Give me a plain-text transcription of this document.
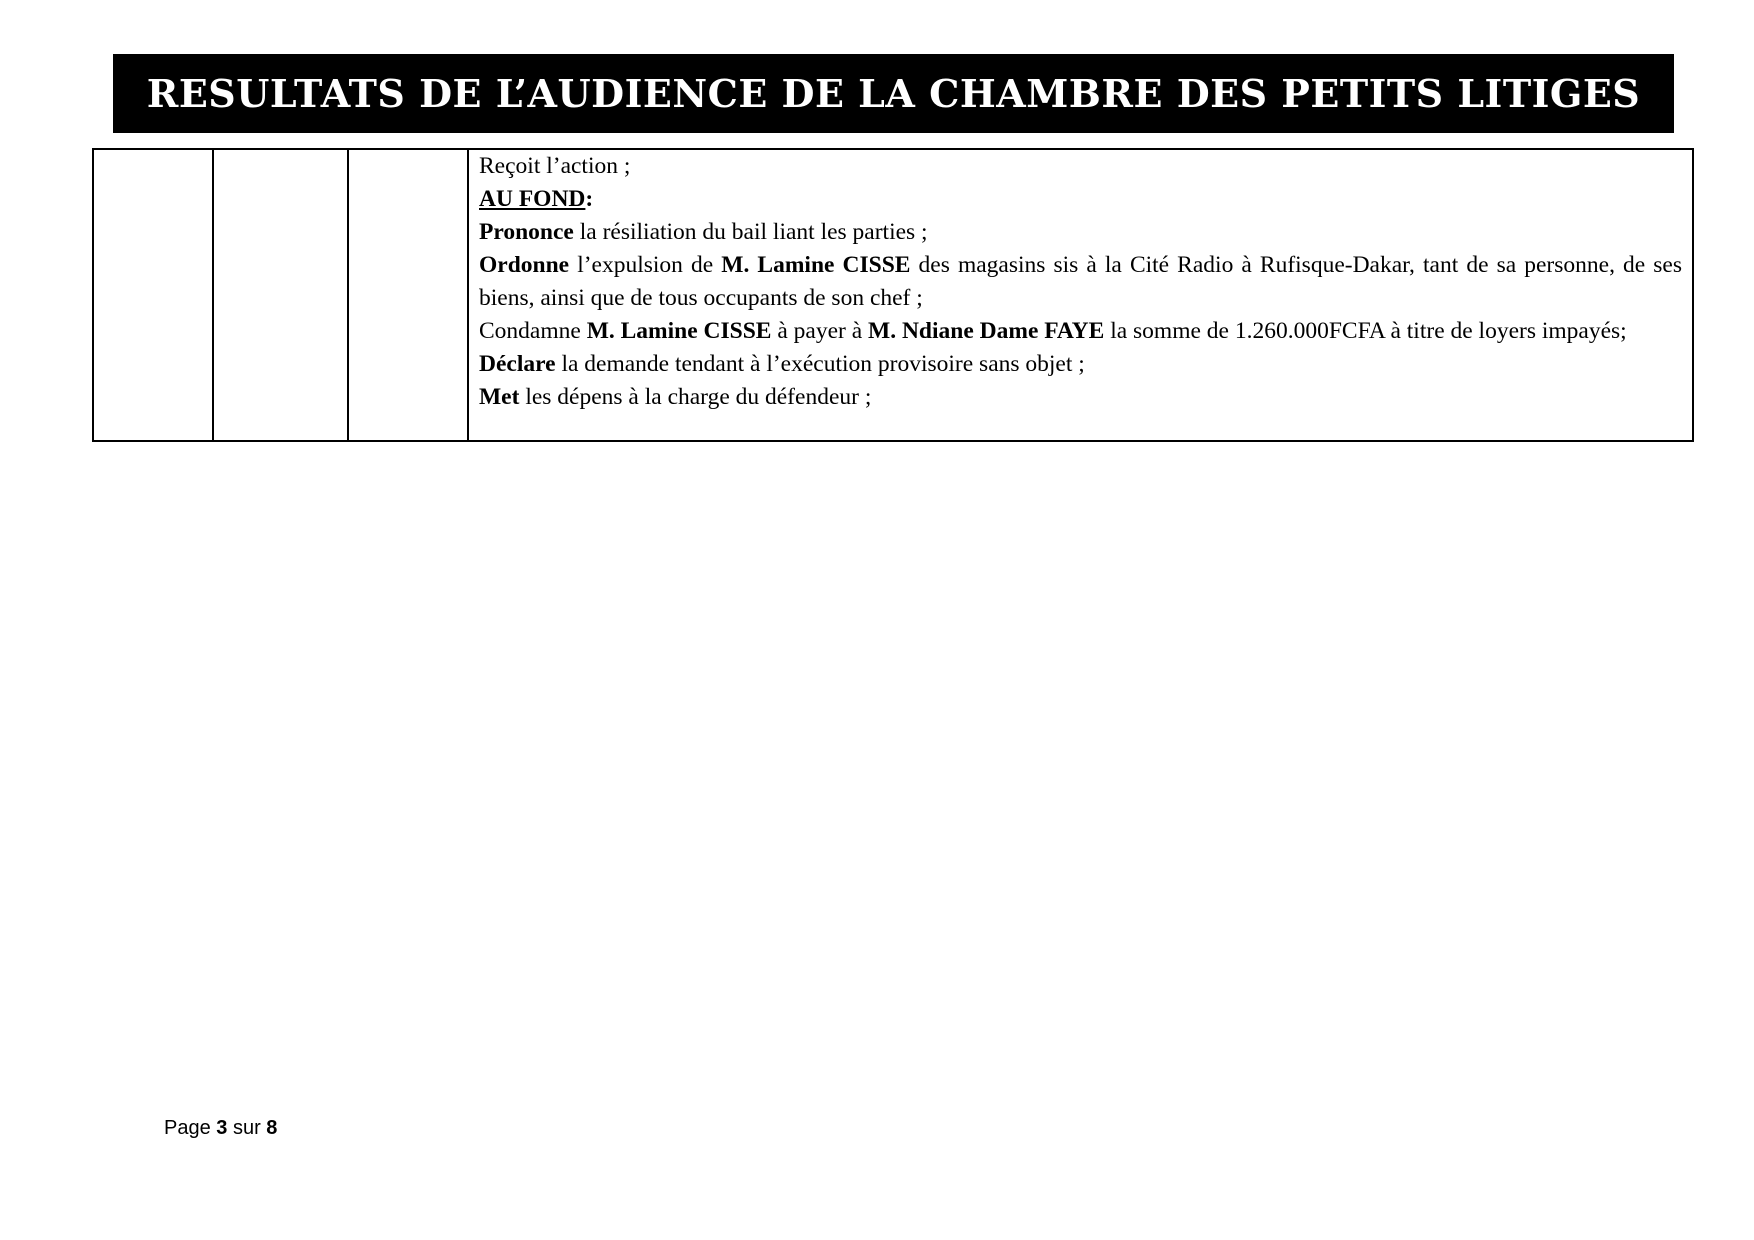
RESULTATS DE L’AUDIENCE DE LA CHAMBRE DES PETITS LITIGES

Reçoit l’action ;

AU FOND:

Prononce la résiliation du bail liant les parties ;

Ordonne l’expulsion de M. Lamine CISSE des magasins sis à la Cité Radio à Rufisque-Dakar, tant de sa personne, de ses biens, ainsi que de tous occupants de son chef ;

Condamne M. Lamine CISSE à payer à M. Ndiane Dame FAYE la somme de 1.260.000FCFA à titre de loyers impayés;

Déclare la demande tendant à l’exécution provisoire sans objet ;

Met les dépens à la charge du défendeur ;

Page 3 sur 8
